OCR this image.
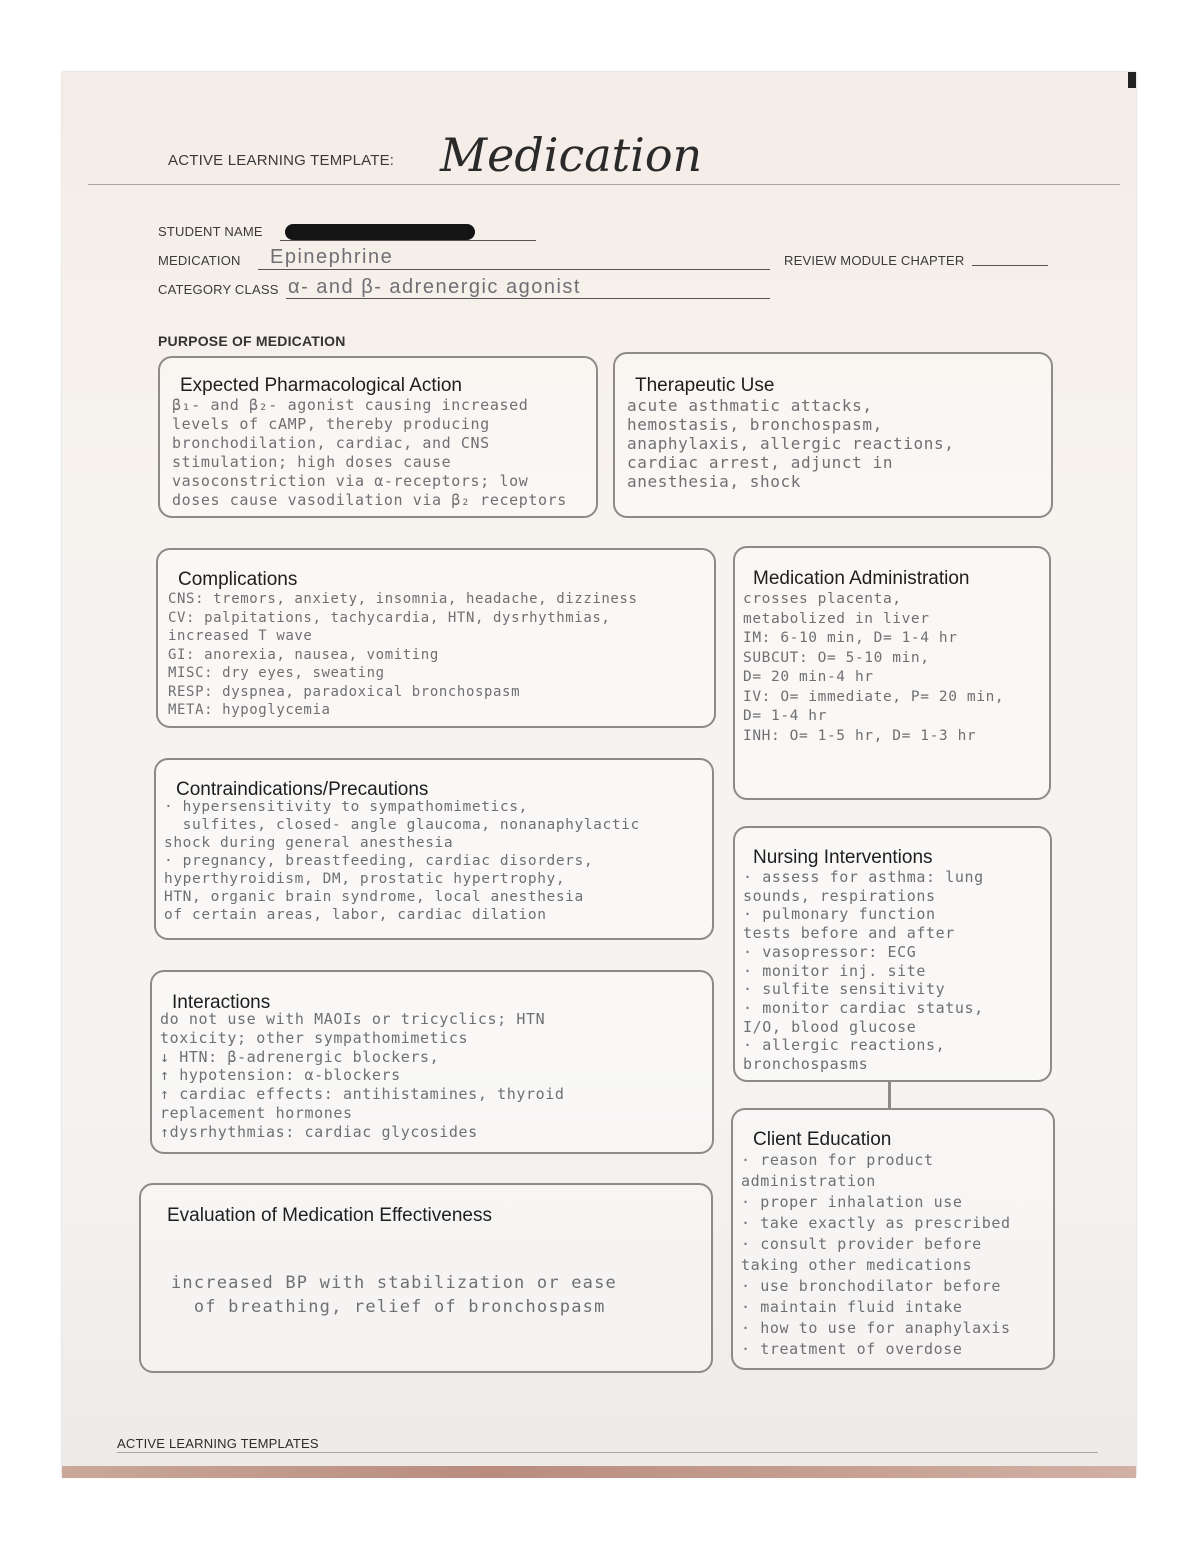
ACTIVE LEARNING TEMPLATE: Medication
STUDENT NAME
MEDICATION Epinephrine	REVIEW MODULE CHAPTER
CATEGORY CLASS α- and β- adrenergic agonist
PURPOSE OF MEDICATION
Expected Pharmacological Action
β₁- and β₂- agonist causing increased
levels of cAMP, thereby producing
bronchodilation, cardiac, and CNS
stimulation; high doses cause
vasoconstriction via α-receptors; low
doses cause vasodilation via β₂ receptors
Therapeutic Use
acute asthmatic attacks,
hemostasis, bronchospasm,
anaphylaxis, allergic reactions,
cardiac arrest, adjunct in
anesthesia, shock
Complications
CNS: tremors, anxiety, insomnia, headache, dizziness
CV: palpitations, tachycardia, HTN, dysrhythmias,
increased T wave
GI: anorexia, nausea, vomiting
MISC: dry eyes, sweating
RESP: dyspnea, paradoxical bronchospasm
META: hypoglycemia
Medication Administration
crosses placenta,
metabolized in liver
IM: 6-10 min, D= 1-4 hr
SUBCUT: O= 5-10 min,
D= 20 min-4 hr
IV: O= immediate, P= 20 min,
D= 1-4 hr
INH: O= 1-5 hr, D= 1-3 hr
Contraindications/Precautions
· hypersensitivity to sympathomimetics,
sulfites, closed- angle glaucoma, nonanaphylactic
shock during general anesthesia
· pregnancy, breastfeeding, cardiac disorders,
hyperthyroidism, DM, prostatic hypertrophy,
HTN, organic brain syndrome, local anesthesia
of certain areas, labor, cardiac dilation
Nursing Interventions
· assess for asthma: lung
sounds, respirations
· pulmonary function
tests before and after
· vasopressor: ECG
· monitor inj. site
· sulfite sensitivity
· monitor cardiac status,
I/O, blood glucose
· allergic reactions,
bronchospasms
Interactions
do not use with MAOIs or tricyclics; HTN
toxicity; other sympathomimetics
↓ HTN: β-adrenergic blockers,
↑ hypotension: α-blockers
↑ cardiac effects: antihistamines, thyroid
replacement hormones
↑dysrhythmias: cardiac glycosides	Client Education
· reason for product
administration
· proper inhalation use
· take exactly as prescribed
· consult provider before
taking other medications
· use bronchodilator before
· maintain fluid intake
· how to use for anaphylaxis
· treatment of overdose
Evaluation of Medication Effectiveness
increased BP with stabilization or ease
of breathing, relief of bronchospasm
ACTIVE LEARNING TEMPLATES
